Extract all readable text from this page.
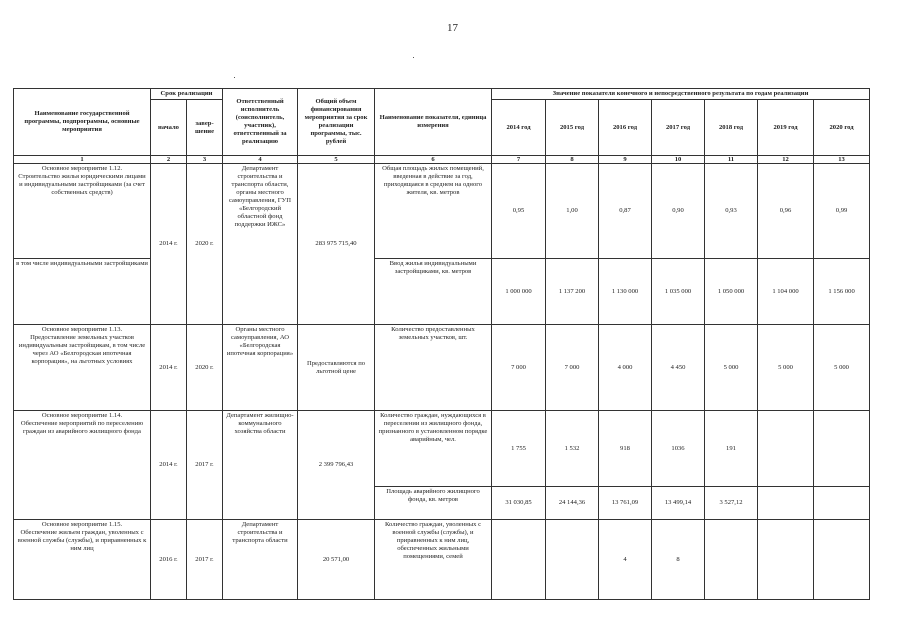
17
Наименование государственной программы, подпрограммы, основные мероприятия	Срок реализации		Ответственный исполнитель (соисполнитель, участник), ответственный за реализацию	Общий объем финансирования мероприятия за срок реализации программы, тыс. рублей	Наименование показателя, единица измерения	Значение показателя конечного и непосредственного результата по годам реализации						
	начало	завер-
шение				2014 год	2015 год	2016 год	2017 год	2018 год	2019 год	2020 год
1	2	3	4	5	6	7	8	9	10	11	12	13
Основное мероприятие 1.12.
Строительство жилья юридическими лицами и индивидуальными застройщиками (за счет собственных средств)	2014 г.	2020 г.	Департамент строительства и транспорта области, органы местного самоуправления, ГУП «Белгородский областной фонд поддержки ИЖС»	283 975 715,40	Общая площадь жилых помещений, введенная в действие за год, приходящаяся в среднем на одного жителя, кв. метров	0,95	1,00	0,87	0,90	0,93	0,96	0,99
в том числе индивидуальными застройщиками					Ввод жилья индивидуальными застройщиками, кв. метров	1 000 000	1 137 200	1 130 000	1 035 000	1 050 000	1 104 000	1 156 000
Основное мероприятие 1.13.
Предоставление земельных участков индивидуальным застройщикам, в том числе через АО «Белгородская ипотечная корпорация», на льготных условиях	2014 г.	2020 г.	Органы местного самоуправления, АО «Белгородская ипотечная корпорация»	Предоставляются по льготной цене	Количество предоставленных земельных участков, шт.	7 000	7 000	4 000	4 450	5 000	5 000	5 000
Основное мероприятие 1.14.
Обеспечение мероприятий по переселению граждан из аварийного жилищного фонда	2014 г.	2017 г.	Департамент жилищно-коммунального хозяйства области	2 399 796,43	Количество граждан, нуждающихся в переселении из жилищного фонда, признанного в установленном порядке аварийным, чел.	1 755	1 532	918	1036	191		
					Площадь аварийного жилищного фонда, кв. метров	31 030,85	24 144,36	13 761,09	13 499,14	3 527,12		
Основное мероприятие 1.15.
Обеспечение жильем граждан, уволенных с военной службы (службы), и приравненных к ним лиц	2016 г.	2017 г.	Департамент строительства и транспорта области	20 571,00	Количество граждан, уволенных с военной службы (службы), и приравненных к ним лиц, обеспеченных жильными помещениями, семей			4	8			
